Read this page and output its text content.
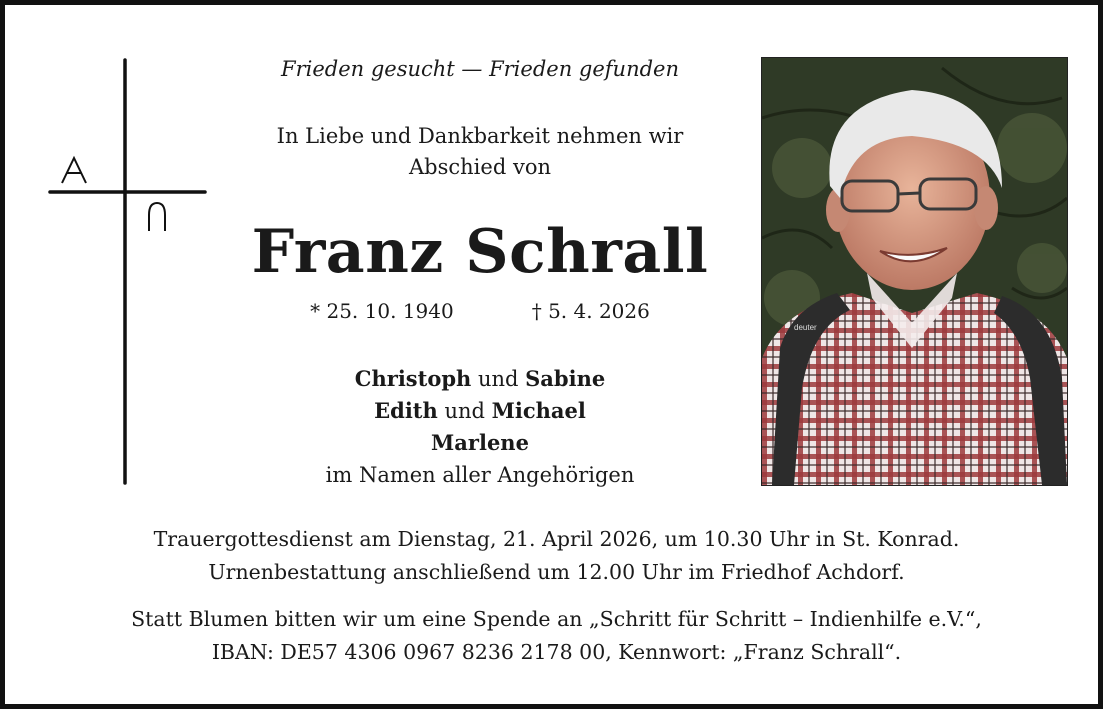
Frieden gesucht — Frieden gefunden
In Liebe und Dankbarkeit nehmen wir
Abschied von
Franz Schrall
* 25. 10. 1940	† 5. 4. 2026
Christoph und Sabine
Edith und Michael
Marlene
im Namen aller Angehörigen
deuter
Trauergottesdienst am Dienstag, 21. April 2026, um 10.30 Uhr in St. Konrad.
Urnenbestattung anschließend um 12.00 Uhr im Friedhof Achdorf.
Statt Blumen bitten wir um eine Spende an „Schritt für Schritt – Indienhilfe e.V.“,
IBAN: DE57 4306 0967 8236 2178 00, Kennwort: „Franz Schrall“.
